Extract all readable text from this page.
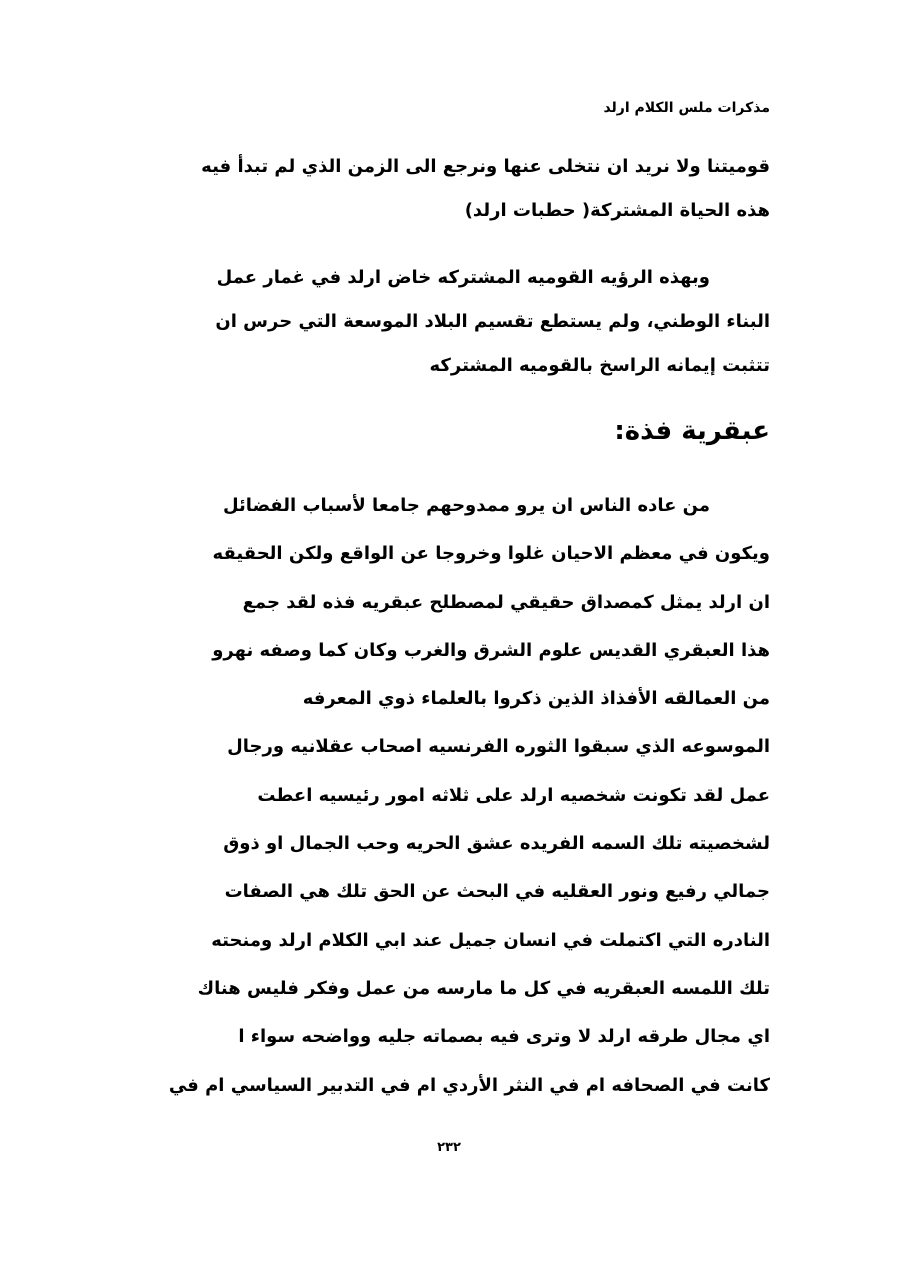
مذكرات ملس الكلام ارلد
قوميتنا ولا نريد ان نتخلى عنها ونرجع الى الزمن الذي لم تبدأ فيه
هذه الحياة المشتركة( حطبات ارلد)
وبهذه الرؤيه القوميه المشتركه خاض ارلد في غمار عمل
البناء الوطني، ولم يستطع تقسيم البلاد الموسعة التي حرس ان
تتثبت إيمانه الراسخ بالقوميه المشتركه
عبقرية فذة:
من عاده الناس ان يرو ممدوحهم جامعا لأسباب الفضائل
ويكون في معظم الاحيان غلوا وخروجا عن الواقع ولكن الحقيقه
ان ارلد يمثل كمصداق حقيقي لمصطلح عبقريه فذه لقد جمع
هذا العبقري القديس علوم الشرق والغرب وكان كما وصفه نهرو
من العمالقه الأفذاذ الذين ذكروا بالعلماء ذوي المعرفه
الموسوعه الذي سبقوا الثوره الفرنسيه اصحاب عقلانيه ورجال
عمل لقد تكونت شخصيه ارلد على ثلاثه امور رئيسيه اعطت
لشخصيته تلك السمه الفريده عشق الحريه وحب الجمال او ذوق
جمالي رفيع ونور العقليه في البحث عن الحق تلك هي الصفات
النادره التي اكتملت في انسان جميل عند ابي الكلام ارلد ومنحته
تلك اللمسه العبقريه في كل ما مارسه من عمل وفكر فليس هناك
اي مجال طرقه ارلد لا وترى فيه بصماته جليه وواضحه سواء ا
كانت في الصحافه ام في النثر الأردي ام في التدبير السياسي ام في
٢٣٢
